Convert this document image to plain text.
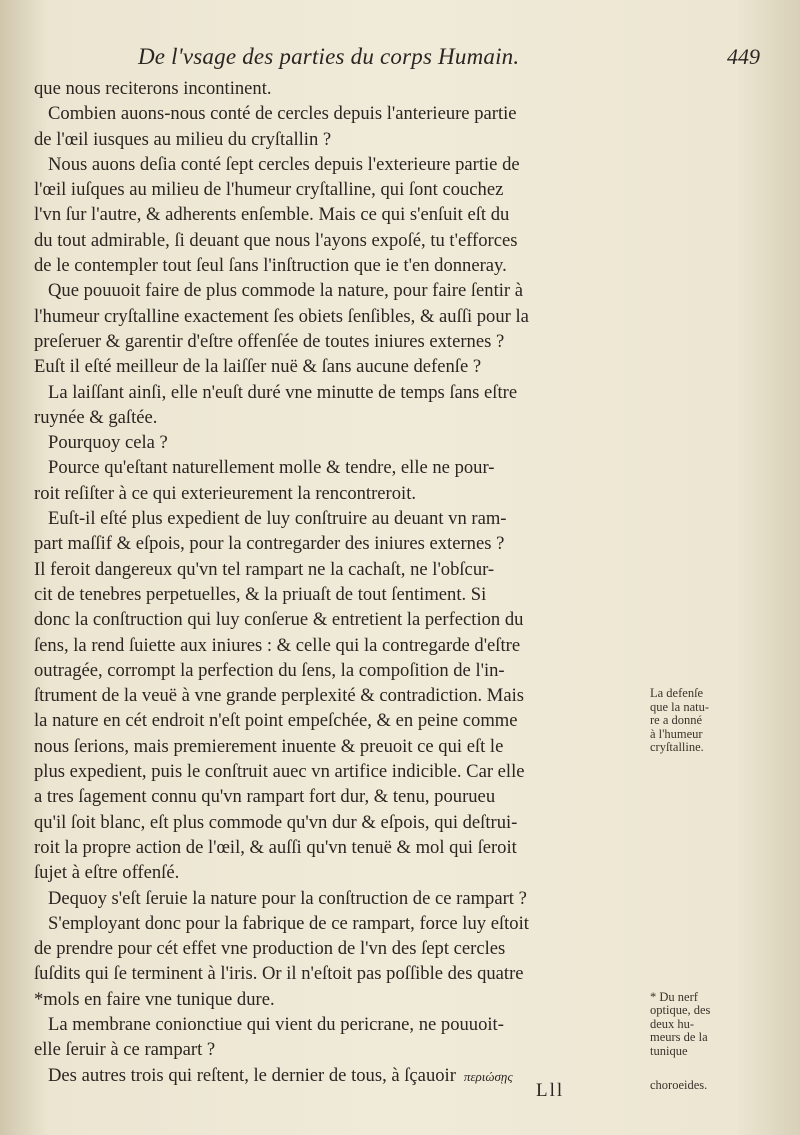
De l'vsage des parties du corps Humain.	449
que nous reciterons incontinent.
Combien auons-nous conté de cercles depuis l'anterieure partie
de l'œil iusques au milieu du cryſtallin ?
Nous auons deſia conté ſept cercles depuis l'exterieure partie de
l'œil iuſques au milieu de l'humeur cryſtalline, qui ſont couchez
l'vn ſur l'autre, & adherents enſemble. Mais ce qui s'enſuit eſt du
du tout admirable, ſi deuant que nous l'ayons expoſé, tu t'efforces
de le contempler tout ſeul ſans l'inſtruction que ie t'en donneray.
Que pouuoit faire de plus commode la nature, pour faire ſentir à
l'humeur cryſtalline exactement ſes obiets ſenſibles, & auſſi pour la
preſeruer & garentir d'eſtre offenſée de toutes iniures externes ?
Euſt il eſté meilleur de la laiſſer nuë & ſans aucune defenſe ?
La laiſſant ainſi, elle n'euſt duré vne minutte de temps ſans eſtre
ruynée & gaſtée.
Pourquoy cela ?
Pource qu'eſtant naturellement molle & tendre, elle ne pour-
roit reſiſter à ce qui exterieurement la rencontreroit.
Euſt-il eſté plus expedient de luy conſtruire au deuant vn ram-
part maſſif & eſpois, pour la contregarder des iniures externes ?
Il feroit dangereux qu'vn tel rampart ne la cachaſt, ne l'obſcur-
cit de tenebres perpetuelles, & la priuaſt de tout ſentiment. Si
donc la conſtruction qui luy conſerue & entretient la perfection du
ſens, la rend ſuiette aux iniures : & celle qui la contregarde d'eſtre
outragée, corrompt la perfection du ſens, la compoſition de l'in-
ſtrument de la veuë à vne grande perplexité & contradiction. Mais
la nature en cét endroit n'eſt point empeſchée, & en peine comme
nous ſerions, mais premierement inuente & preuoit ce qui eſt le
plus expedient, puis le conſtruit auec vn artifice indicible. Car elle
a tres ſagement connu qu'vn rampart fort dur, & tenu, pourueu
qu'il ſoit blanc, eſt plus commode qu'vn dur & eſpois, qui deſtrui-
roit la propre action de l'œil, & auſſi qu'vn tenuë & mol qui ſeroit
ſujet à eſtre offenſé.
Dequoy s'eſt ſeruie la nature pour la conſtruction de ce rampart ?
S'employant donc pour la fabrique de ce rampart, force luy eſtoit
de prendre pour cét effet vne production de l'vn des ſept cercles
ſuſdits qui ſe terminent à l'iris. Or il n'eſtoit pas poſſible des quatre
*mols en faire vne tunique dure.
La membrane conionctiue qui vient du pericrane, ne pouuoit-
elle ſeruir à ce rampart ?
Des autres trois qui reſtent, le dernier de tous, à ſçauoir περιώσῃς
La defenſe
que la natu-
re a donné
à l'humeur
cryſtalline.
* Du nerf
optique, des
deux hu-
meurs de la
tunique
choroeides.
Lll
